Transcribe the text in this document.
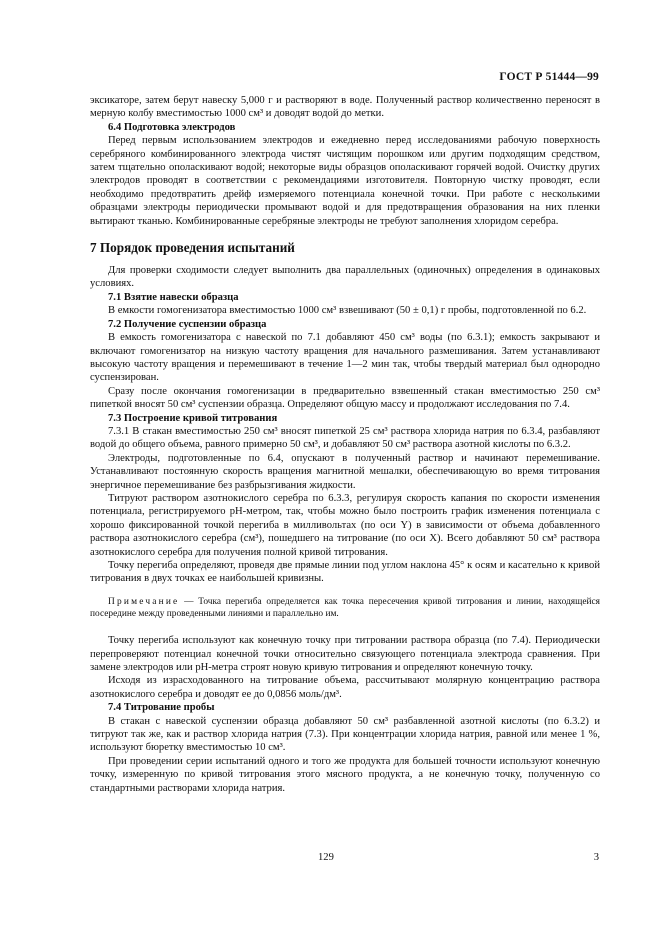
ГОСТ Р 51444—99

эксикаторе, затем берут навеску 5,000 г и растворяют в воде. Полученный раствор количественно переносят в мерную колбу вместимостью 1000 см³ и доводят водой до метки.

6.4 Подготовка электродов

Перед первым использованием электродов и ежедневно перед исследованиями рабочую поверхность серебряного комбинированного электрода чистят чистящим порошком или другим подходящим средством, затем тщательно ополаскивают водой; некоторые виды образцов ополаскивают горячей водой. Очистку других электродов проводят в соответствии с рекомендациями изготовителя. Повторную чистку проводят, если необходимо предотвратить дрейф измеряемого потенциала конечной точки. При работе с несколькими образцами электроды периодически промывают водой и для предотвращения образования на них пленки вытирают тканью. Комбинированные серебряные электроды не требуют заполнения хлоридом серебра.

7 Порядок проведения испытаний

Для проверки сходимости следует выполнить два параллельных (одиночных) определения в одинаковых условиях.

7.1 Взятие навески образца

В емкости гомогенизатора вместимостью 1000 см³ взвешивают (50 ± 0,1) г пробы, подготовленной по 6.2.

7.2 Получение суспензии образца

В емкость гомогенизатора с навеской по 7.1 добавляют 450 см³ воды (по 6.3.1); емкость закрывают и включают гомогенизатор на низкую частоту вращения для начального размешивания. Затем устанавливают высокую частоту вращения и перемешивают в течение 1—2 мин так, чтобы твердый материал был однородно суспензирован.

Сразу после окончания гомогенизации в предварительно взвешенный стакан вместимостью 250 см³ пипеткой вносят 50 см³ суспензии образца. Определяют общую массу и продолжают исследования по 7.4.

7.3 Построение кривой титрования

7.3.1 В стакан вместимостью 250 см³ вносят пипеткой 25 см³ раствора хлорида натрия по 6.3.4, разбавляют водой до общего объема, равного примерно 50 см³, и добавляют 50 см³ раствора азотной кислоты по 6.3.2.

Электроды, подготовленные по 6.4, опускают в полученный раствор и начинают перемешивание. Устанавливают постоянную скорость вращения магнитной мешалки, обеспечивающую во время титрования энергичное перемешивание без разбрызгивания жидкости.

Титруют раствором азотнокислого серебра по 6.3.3, регулируя скорость капания по скорости изменения потенциала, регистрируемого pH-метром, так, чтобы можно было построить график изменения потенциала с хорошо фиксированной точкой перегиба в милливольтах (по оси Y) в зависимости от объема добавленного раствора азотнокислого серебра (см³), пошедшего на титрование (по оси X). Всего добавляют 50 см³ раствора азотнокислого серебра для получения полной кривой титрования.

Точку перегиба определяют, проведя две прямые линии под углом наклона 45° к осям и касательно к кривой титрования в двух точках ее наибольшей кривизны.

Примечание — Точка перегиба определяется как точка пересечения кривой титрования и линии, находящейся посередине между проведенными линиями и параллельно им.

Точку перегиба используют как конечную точку при титровании раствора образца (по 7.4). Периодически перепроверяют потенциал конечной точки относительно связующего потенциала электрода сравнения. При замене электродов или pH-метра строят новую кривую титрования и определяют конечную точку.

Исходя из израсходованного на титрование объема, рассчитывают молярную концентрацию раствора азотнокислого серебра и доводят ее до 0,0856 моль/дм³.

7.4 Титрование пробы

В стакан с навеской суспензии образца добавляют 50 см³ разбавленной азотной кислоты (по 6.3.2) и титруют так же, как и раствор хлорида натрия (7.3). При концентрации хлорида натрия, равной или менее 1 %, используют бюретку вместимостью 10 см³.

При проведении серии испытаний одного и того же продукта для большей точности используют конечную точку, измеренную по кривой титрования этого мясного продукта, а не конечную точку, полученную со стандартными растворами хлорида натрия.

129	3
